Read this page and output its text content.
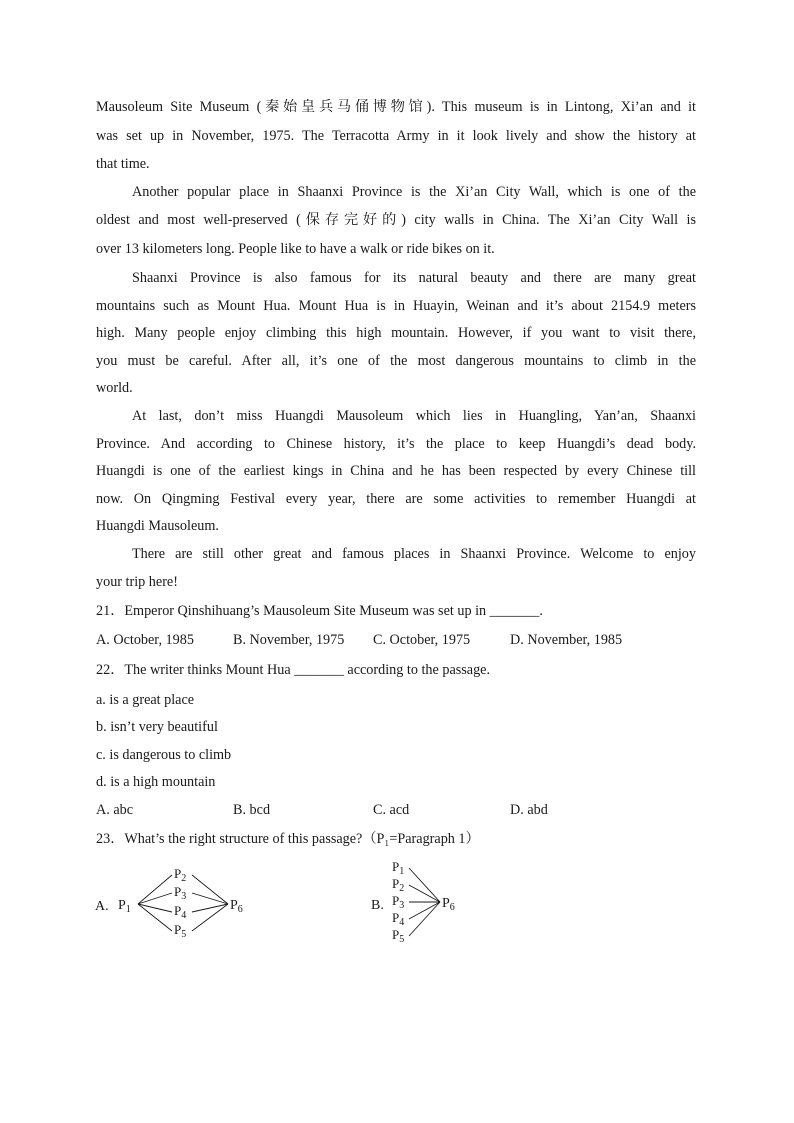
Mausoleum Site Museum (秦始皇兵马俑博物馆). This museum is in Lintong, Xi’an and it
was set up in November, 1975. The Terracotta Army in it look lively and show the history at
that time.
Another popular place in Shaanxi Province is the Xi’an City Wall, which is one of the
oldest and most well-preserved (保存完好的) city walls in China. The Xi’an City Wall is
over 13 kilometers long. People like to have a walk or ride bikes on it.
Shaanxi Province is also famous for its natural beauty and there are many great
mountains such as Mount Hua. Mount Hua is in Huayin, Weinan and it’s about 2154.9 meters
high. Many people enjoy climbing this high mountain. However, if you want to visit there,
you must be careful. After all, it’s one of the most dangerous mountains to climb in the
world.
At last, don’t miss Huangdi Mausoleum which lies in Huangling, Yan’an, Shaanxi
Province. And according to Chinese history, it’s the place to keep Huangdi’s dead body.
Huangdi is one of the earliest kings in China and he has been respected by every Chinese till
now. On Qingming Festival every year, there are some activities to remember Huangdi at
Huangdi Mausoleum.
There are still other great and famous places in Shaanxi Province. Welcome to enjoy
your trip here!
21．Emperor Qinshihuang’s Mausoleum Site Museum was set up in _______.
A. October, 1985	B. November, 1975 C. October, 1975	D. November, 1985
22．The writer thinks Mount Hua _______ according to the passage.
a. is a great place
b. isn’t very beautiful
c. is dangerous to climb
d. is a high mountain
A. abc	B. bcd	C. acd	D. abd
23．What’s the right structure of this passage?（P₁=Paragraph 1）
A. $P_1$
$P_2$
$P_3$
$P_4$
$P_5$
$P_6$	B.
$P_1$
$P_2$
$P_3$
$P_4$
$P_5$
$P_6$
